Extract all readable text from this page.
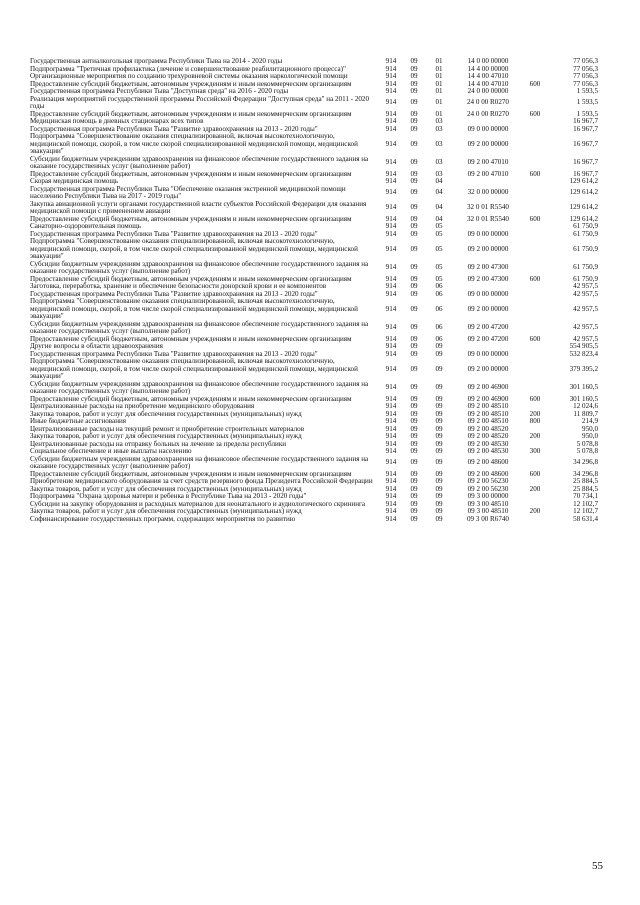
Государственная антиалкогольная программа Республики Тыва на 2014 - 2020 годы	914	09	01	14 0 00 00000		77 056,3
Подпрограмма "Третичная профилактика (лечение и совершенствование реабилитационного процесса)"	914	09	01	14 4 00 00000		77 056,3
Организационные мероприятия по созданию трехуровневой системы оказания наркологической помощи	914	09	01	14 4 00 47010		77 056,3
Предоставление субсидий бюджетным, автономным учреждениям и иным некоммерческим организациям	914	09	01	14 4 00 47010	600	77 056,3
Государственная программа Республики Тыва "Доступная среда" на 2016 - 2020 годы	914	09	01	24 0 00 00000		1 593,5
Реализация мероприятий государственной программы Российской Федерации "Доступная среда" на 2011 - 2020 годы	914	09	01	24 0 00 R0270		1 593,5
Предоставление субсидий бюджетным, автономным учреждениям и иным некоммерческим организациям	914	09	01	24 0 00 R0270	600	1 593,5
Медицинская помощь в дневных стационарах всех типов	914	09	03			16 967,7
Государственная программа Республики Тыва "Развитие здравоохранения на 2013 - 2020 годы"	914	09	03	09 0 00 00000		16 967,7
Подпрограмма "Совершенствование оказания специализированной, включая высокотехнологичную, медицинской помощи, скорой, в том числе скорой специализированной медицинской помощи, медицинской эвакуации"	914	09	03	09 2 00 00000		16 967,7
Субсидии бюджетным учреждениям здравоохранения на финансовое обеспечение государственного задания на оказание государственных услуг (выполнение работ)	914	09	03	09 2 00 47010		16 967,7
Предоставление субсидий бюджетным, автономным учреждениям и иным некоммерческим организациям	914	09	03	09 2 00 47010	600	16 967,7
Скорая медицинская помощь	914	09	04			129 614,2
Государственная программа Республики Тыва "Обеспечение оказания экстренной медицинской помощи населению Республики Тыва на 2017 - 2019 годы"	914	09	04	32 0 00 00000		129 614,2
Закупка авиационной услуги органами государственной власти субъектов Российской Федерации для оказания медицинской помощи с применением авиации	914	09	04	32 0 01 R5540		129 614,2
Предоставление субсидий бюджетным, автономным учреждениям и иным некоммерческим организациям	914	09	04	32 0 01 R5540	600	129 614,2
Санаторно-оздоровительная помощь	914	09	05			61 750,9
Государственная программа Республики Тыва "Развитие здравоохранения на 2013 - 2020 годы"	914	09	05	09 0 00 00000		61 750,9
Подпрограмма "Совершенствование оказания специализированной, включая высокотехнологичную, медицинской помощи, скорой, в том числе скорой специализированной медицинской помощи, медицинской эвакуации"	914	09	05	09 2 00 00000		61 750,9
Субсидии бюджетным учреждениям здравоохранения на финансовое обеспечение государственного задания на оказание государственных услуг (выполнение работ)	914	09	05	09 2 00 47300		61 750,9
Предоставление субсидий бюджетным, автономным учреждениям и иным некоммерческим организациям	914	09	05	09 2 00 47300	600	61 750,9
Заготовка, переработка, хранение и обеспечение безопасности донорской крови и ее компонентов	914	09	06			42 957,5
Государственная программа Республики Тыва "Развитие здравоохранения на 2013 - 2020 годы"	914	09	06	09 0 00 00000		42 957,5
Подпрограмма "Совершенствование оказания специализированной, включая высокотехнологичную, медицинской помощи, скорой, в том числе скорой специализированной медицинской помощи, медицинской эвакуации"	914	09	06	09 2 00 00000		42 957,5
Субсидии бюджетным учреждениям здравоохранения на финансовое обеспечение государственного задания на оказание государственных услуг (выполнение работ)	914	09	06	09 2 00 47200		42 957,5
Предоставление субсидий бюджетным, автономным учреждениям и иным некоммерческим организациям	914	09	06	09 2 00 47200	600	42 957,5
Другие вопросы в области здравоохранения	914	09	09			554 905,5
Государственная программа Республики Тыва "Развитие здравоохранения на 2013 - 2020 годы"	914	09	09	09 0 00 00000		532 823,4
Подпрограмма "Совершенствование оказания специализированной, включая высокотехнологичную, медицинской помощи, скорой, в том числе скорой специализированной медицинской помощи, медицинской эвакуации"	914	09	09	09 2 00 00000		379 395,2
Субсидии бюджетным учреждениям здравоохранения на финансовое обеспечение государственного задания на оказание государственных услуг (выполнение работ)	914	09	09	09 2 00 46900		301 160,5
Предоставление субсидий бюджетным, автономным учреждениям и иным некоммерческим организациям	914	09	09	09 2 00 46900	600	301 160,5
Централизованные расходы на приобретение медицинского оборудования	914	09	09	09 2 00 48510		12 024,6
Закупка товаров, работ и услуг для обеспечения государственных (муниципальных) нужд	914	09	09	09 2 00 48510	200	11 809,7
Иные бюджетные ассигнования	914	09	09	09 2 00 48510	800	214,9
Централизованные расходы на текущий ремонт и приобретение строительных материалов	914	09	09	09 2 00 48520		950,0
Закупка товаров, работ и услуг для обеспечения государственных (муниципальных) нужд	914	09	09	09 2 00 48520	200	950,0
Централизованные расходы на отправку больных на лечение за пределы республики	914	09	09	09 2 00 48530		5 078,8
Социальное обеспечение и иные выплаты населению	914	09	09	09 2 00 48530	300	5 078,8
Субсидии бюджетным учреждениям здравоохранения на финансовое обеспечение государственного задания на оказание государственных услуг (выполнение работ)	914	09	09	09 2 00 48600		34 296,8
Предоставление субсидий бюджетным, автономным учреждениям и иным некоммерческим организациям	914	09	09	09 2 00 48600	600	34 296,8
Приобретение медицинского оборудования за счет средств резервного фонда Президента Российской Федерации	914	09	09	09 2 00 56230		25 884,5
Закупка товаров, работ и услуг для обеспечения государственных (муниципальных) нужд	914	09	09	09 2 00 56230	200	25 884,5
Подпрограмма "Охрана здоровья матери и ребенка в Республике Тыва на 2013 - 2020 годы"	914	09	09	09 3 00 00000		70 734,1
Субсидии на закупку оборудования и расходных материалов для неонатального и аудиологического скрининга	914	09	09	09 3 00 48510		12 102,7
Закупка товаров, работ и услуг для обеспечения государственных (муниципальных) нужд	914	09	09	09 3 00 48510	200	12 102,7
Софинансирование государственных программ, содержащих мероприятия по развитию	914	09	09	09 3 00 R6740		58 631,4
55
